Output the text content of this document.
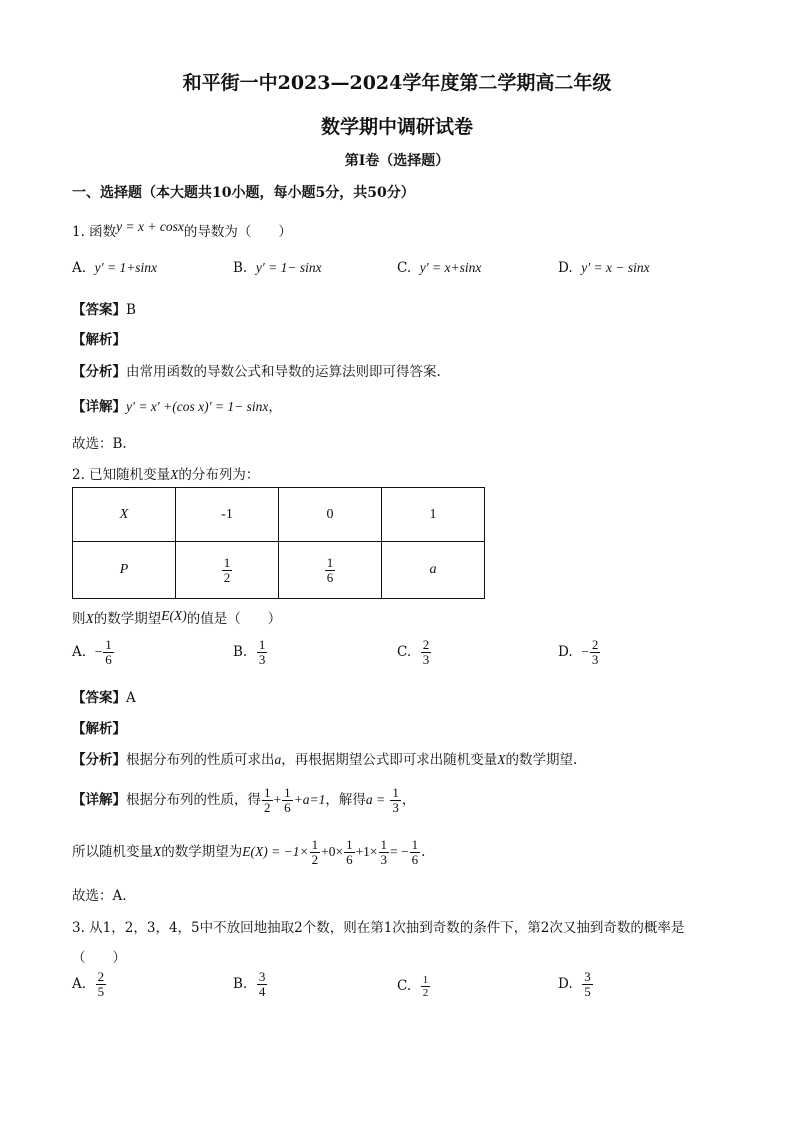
和平街一中2023—2024学年度第二学期高二年级
数学期中调研试卷
第I卷（选择题）
一、选择题（本大题共10小题，每小题5分，共50分）
1. 函数y = x + cosx的导数为（　　）
A. y′ = 1+sinx	B. y′ = 1− sinx	C. y′ = x+sinx	D. y′ = x − sinx
【答案】B
【解析】
【分析】由常用函数的导数公式和导数的运算法则即可得答案.
【详解】y′ = x′ +(cos x)′ = 1− sinx，
故选：B.
2. 已知随机变量X的分布列为：
X	-1	0	1
P	$\frac{1}{2}$	$\frac{1}{6}$	a
则X的数学期望E(X)的值是（　　）
A. − $\frac{1}{6}$	B. $\frac{1}{3}$	C. $\frac{2}{3}$	D. − $\frac{2}{3}$
【答案】A
【解析】
【分析】根据分布列的性质可求出a，再根据期望公式即可求出随机变量X的数学期望.
【详解】根据分布列的性质，得 $\frac{1}{2} + \frac{1}{6} +a=1$，解得$a = \frac{1}{3}$ ，
所以随机变量X的数学期望为$E(X) = -1\times \frac{1}{2} +0\times \frac{1}{6} +1\times \frac{1}{3}$ = − $\frac{1}{6}$ .
故选：A.
3. 从1，2，3，4，5中不放回地抽取2个数，则在第1次抽到奇数的条件下，第2次又抽到奇数的概率是
（　　）
A. $\frac{2}{5}$	B. $\frac{3}{4}$	C. $\frac{1}{2}$	D. $\frac{3}{5}$
